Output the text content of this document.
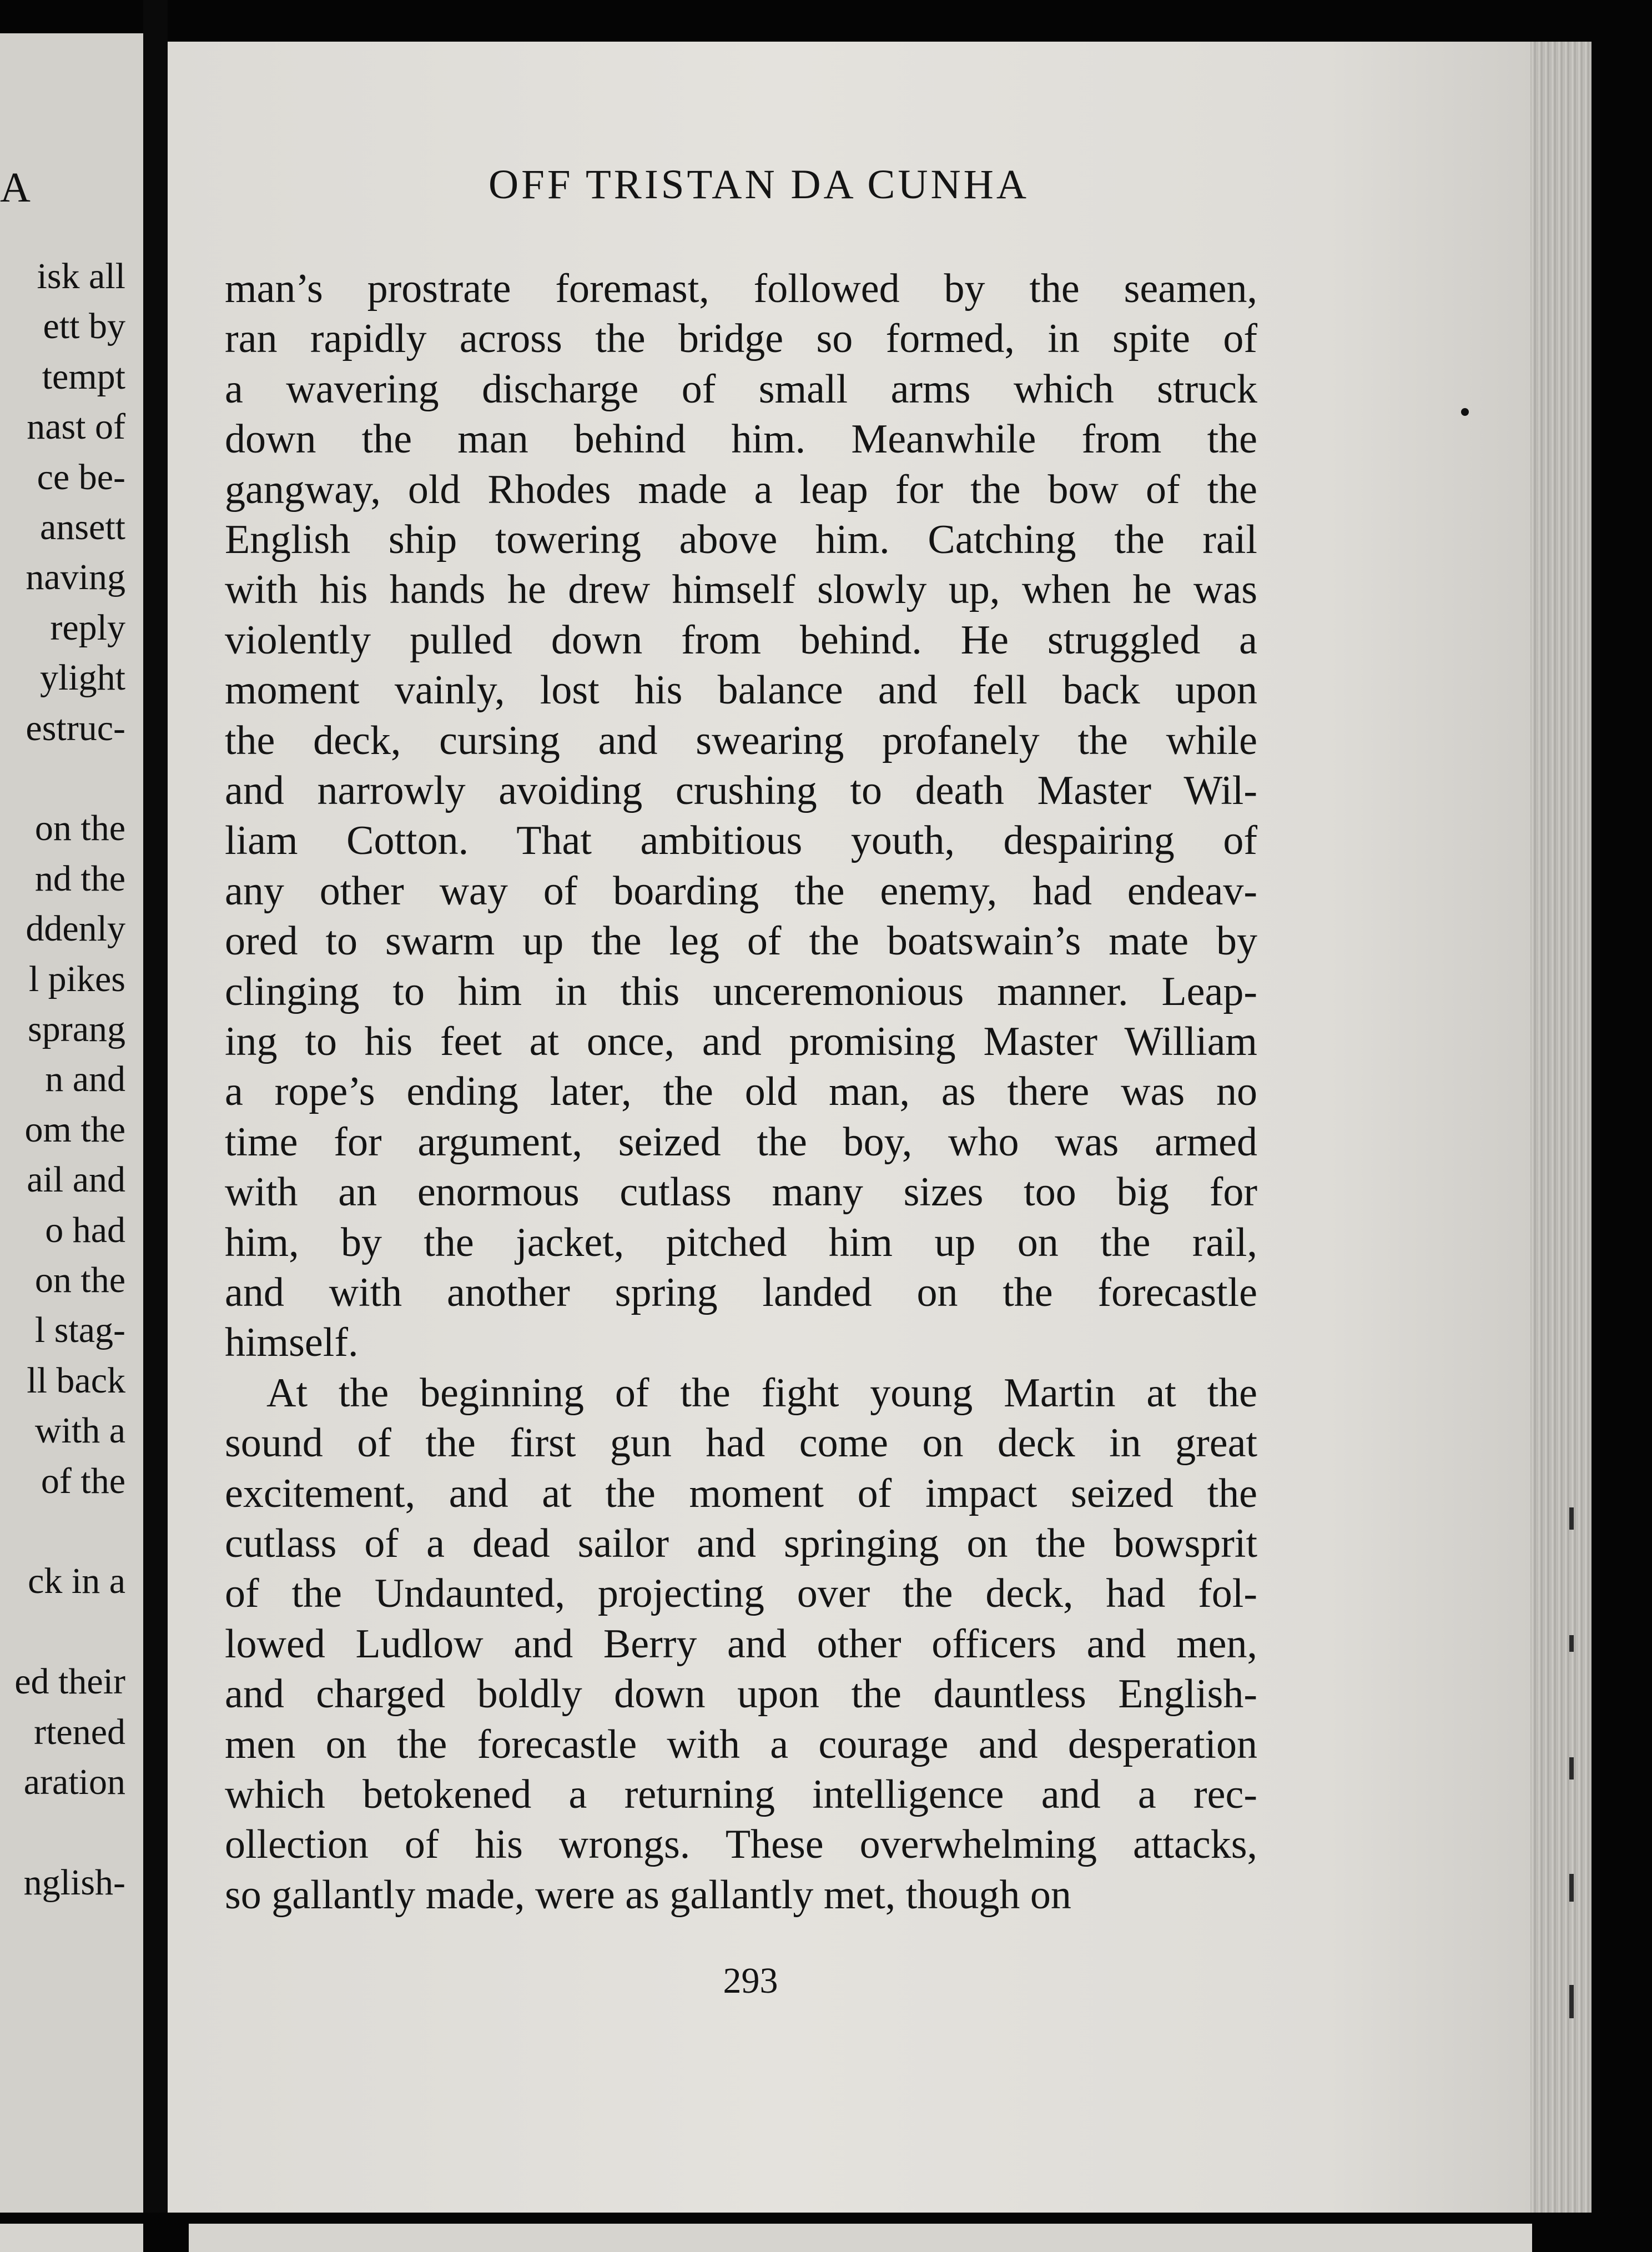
A
isk all
ett by
tempt
nast of
ce be-
ansett
naving
reply
ylight
estruc-
on the
nd the
ddenly
l pikes
sprang
n and
om the
ail and
o had
on the
l stag-
ll back
with a
of the
ck in a
ed their
rtened
aration
nglish-
OFF TRISTAN DA CUNHA
man’s prostrate foremast, followed by the seamen,
ran rapidly across the bridge so formed, in spite of
a wavering discharge of small arms which struck
down the man behind him. Meanwhile from the
gangway, old Rhodes made a leap for the bow of the
English ship towering above him. Catching the rail
with his hands he drew himself slowly up, when he was
violently pulled down from behind. He struggled a
moment vainly, lost his balance and fell back upon
the deck, cursing and swearing profanely the while
and narrowly avoiding crushing to death Master Wil-
liam Cotton. That ambitious youth, despairing of
any other way of boarding the enemy, had endeav-
ored to swarm up the leg of the boatswain’s mate by
clinging to him in this unceremonious manner. Leap-
ing to his feet at once, and promising Master William
a rope’s ending later, the old man, as there was no
time for argument, seized the boy, who was armed
with an enormous cutlass many sizes too big for
him, by the jacket, pitched him up on the rail,
and with another spring landed on the forecastle
himself.
At the beginning of the fight young Martin at the
sound of the first gun had come on deck in great
excitement, and at the moment of impact seized the
cutlass of a dead sailor and springing on the bowsprit
of the Undaunted, projecting over the deck, had fol-
lowed Ludlow and Berry and other officers and men,
and charged boldly down upon the dauntless English-
men on the forecastle with a courage and desperation
which betokened a returning intelligence and a rec-
ollection of his wrongs. These overwhelming attacks,
so gallantly made, were as gallantly met, though on
293
